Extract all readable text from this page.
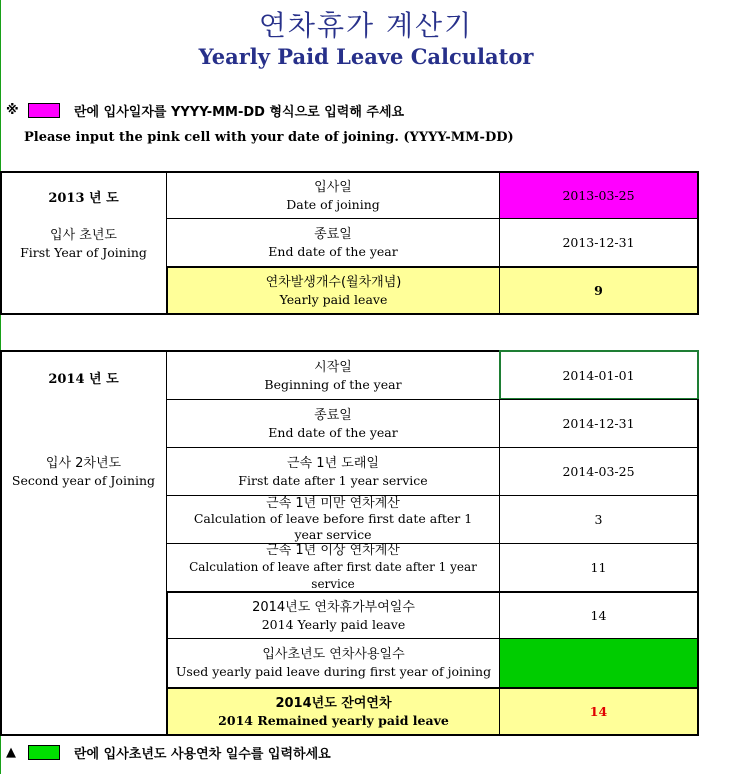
연차휴가 계산기
Yearly Paid Leave Calculator
※	란에 입사일자를 YYYY-MM-DD 형식으로 입력해 주세요
Please input the pink cell with your date of joining. (YYYY-MM-DD)
2013 년 도
입사 초년도
First Year of Joining
입사일
Date of joining
2013-03-25
종료일
End date of the year
2013-12-31
연차발생개수(월차개념)
Yearly paid leave
9
2014 년 도
입사 2차년도
Second year of Joining
시작일
Beginning of the year
2014-01-01
종료일
End date of the year
2014-12-31
근속 1년 도래일
First date after 1 year service
2014-03-25
근속 1년 미만 연차계산
Calculation of leave before first date after 1 year service
3
근속 1년 이상 연차계산
Calculation of leave after first date after 1 year service
11
2014년도 연차휴가부여일수
2014 Yearly paid leave
14
입사초년도 연차사용일수
Used yearly paid leave during first year of joining
2014년도 잔여연차
2014 Remained yearly paid leave
14
▲	란에 입사초년도 사용연차 일수를 입력하세요
